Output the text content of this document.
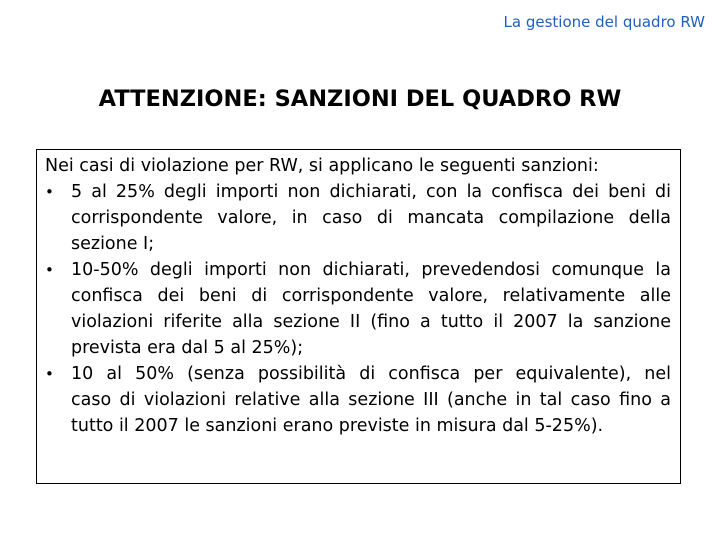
La gestione del quadro RW
ATTENZIONE: SANZIONI DEL QUADRO RW

Nei casi di violazione per RW, si applicano le seguenti sanzioni:

• 5 al 25% degli importi non dichiarati, con la confisca dei beni di
corrispondente valore, in caso di mancata compilazione della
sezione I;
• 10-50% degli importi non dichiarati, prevedendosi comunque la
confisca dei beni di corrispondente valore, relativamente alle
violazioni riferite alla sezione II (fino a tutto il 2007 la sanzione
prevista era dal 5 al 25%);
• 10 al 50% (senza possibilità di confisca per equivalente), nel
caso di violazioni relative alla sezione III (anche in tal caso fino a
tutto il 2007 le sanzioni erano previste in misura dal 5-25%).
